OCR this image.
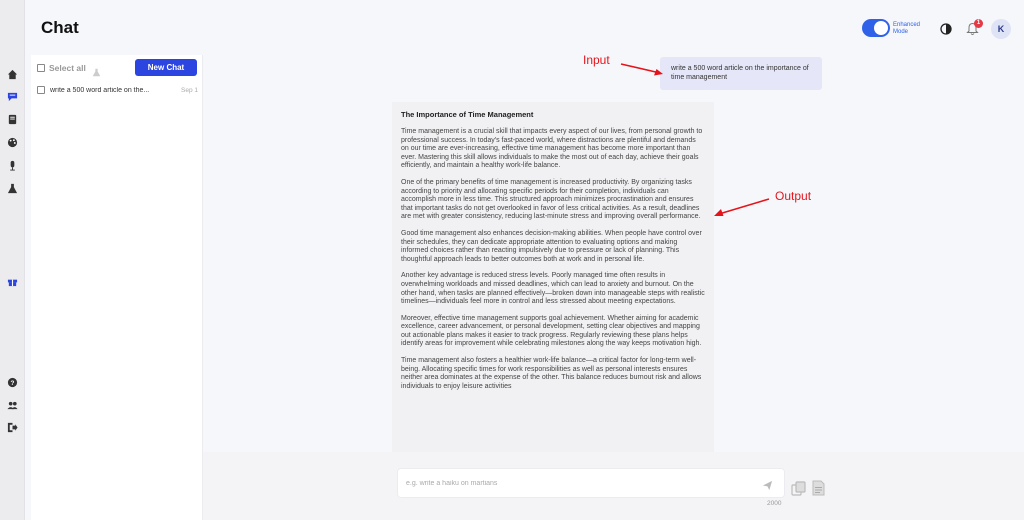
?
Chat	Enhanced Mode
1
K
Select all	New Chat
write a 500 word article on the...	Sep 1
write a 500 word article on the importance of time management
The Importance of Time Management

Time management is a crucial skill that impacts every aspect of our lives, from personal growth to professional success. In today's fast-paced world, where distractions are plentiful and demands on our time are ever-increasing, effective time management has become more important than ever. Mastering this skill allows individuals to make the most out of each day, achieve their goals efficiently, and maintain a healthy work-life balance.

One of the primary benefits of time management is increased productivity. By organizing tasks according to priority and allocating specific periods for their completion, individuals can accomplish more in less time. This structured approach minimizes procrastination and ensures that important tasks do not get overlooked in favor of less critical activities. As a result, deadlines are met with greater consistency, reducing last-minute stress and improving overall performance.

Good time management also enhances decision-making abilities. When people have control over their schedules, they can dedicate appropriate attention to evaluating options and making informed choices rather than reacting impulsively due to pressure or lack of planning. This thoughtful approach leads to better outcomes both at work and in personal life.

Another key advantage is reduced stress levels. Poorly managed time often results in overwhelming workloads and missed deadlines, which can lead to anxiety and burnout. On the other hand, when tasks are planned effectively—broken down into manageable steps with realistic timelines—individuals feel more in control and less stressed about meeting expectations.

Moreover, effective time management supports goal achievement. Whether aiming for academic excellence, career advancement, or personal development, setting clear objectives and mapping out actionable plans makes it easier to track progress. Regularly reviewing these plans helps identify areas for improvement while celebrating milestones along the way keeps motivation high.

Time management also fosters a healthier work-life balance—a critical factor for long-term well-being. Allocating specific times for work responsibilities as well as personal interests ensures neither area dominates at the expense of the other. This balance reduces burnout risk and allows individuals to enjoy leisure activities

Input
Output
e.g. write a haiku on martians
2000
